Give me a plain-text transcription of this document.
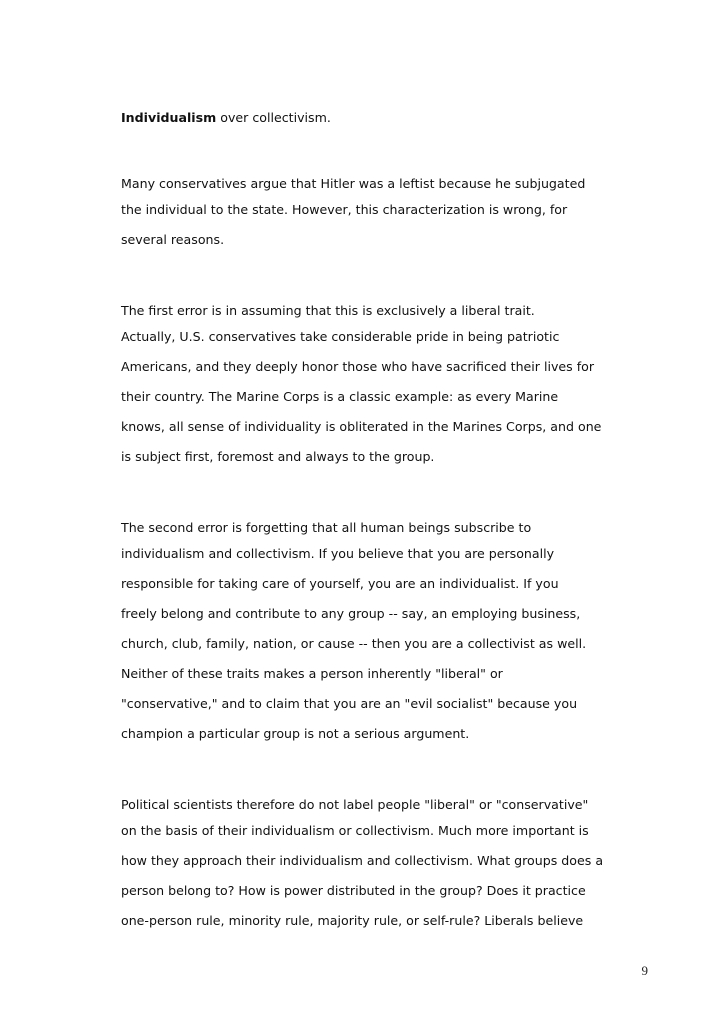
Individualism over collectivism.

Many conservatives argue that Hitler was a leftist because he subjugated
the individual to the state. However, this characterization is wrong, for
several reasons.
The first error is in assuming that this is exclusively a liberal trait.
Actually, U.S. conservatives take considerable pride in being patriotic
Americans, and they deeply honor those who have sacrificed their lives for
their country. The Marine Corps is a classic example: as every Marine
knows, all sense of individuality is obliterated in the Marines Corps, and one
is subject first, foremost and always to the group.
The second error is forgetting that all human beings subscribe to
individualism and collectivism. If you believe that you are personally
responsible for taking care of yourself, you are an individualist. If you
freely belong and contribute to any group -- say, an employing business,
church, club, family, nation, or cause -- then you are a collectivist as well.
Neither of these traits makes a person inherently "liberal" or
"conservative," and to claim that you are an "evil socialist" because you
champion a particular group is not a serious argument.
Political scientists therefore do not label people "liberal" or "conservative"
on the basis of their individualism or collectivism. Much more important is
how they approach their individualism and collectivism. What groups does a
person belong to? How is power distributed in the group? Does it practice
one-person rule, minority rule, majority rule, or self-rule? Liberals believe
9
